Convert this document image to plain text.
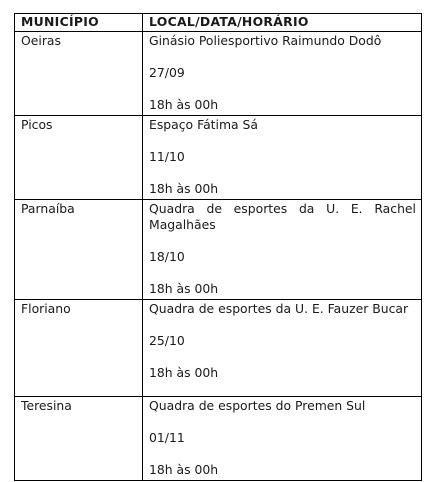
MUNICÍPIO	LOCAL/DATA/HORÁRIO

Oeiras	Ginásio Poliesportivo Raimundo Dodô
27/09
18h às 00h

Picos	Espaço Fátima Sá
11/10
18h às 00h

Parnaíba	Quadra de esportes da U. E. Rachel Magalhães
18/10
18h às 00h

Floriano	Quadra de esportes da U. E. Fauzer Bucar
25/10
18h às 00h

Teresina	Quadra de esportes do Premen Sul
01/11
18h às 00h
